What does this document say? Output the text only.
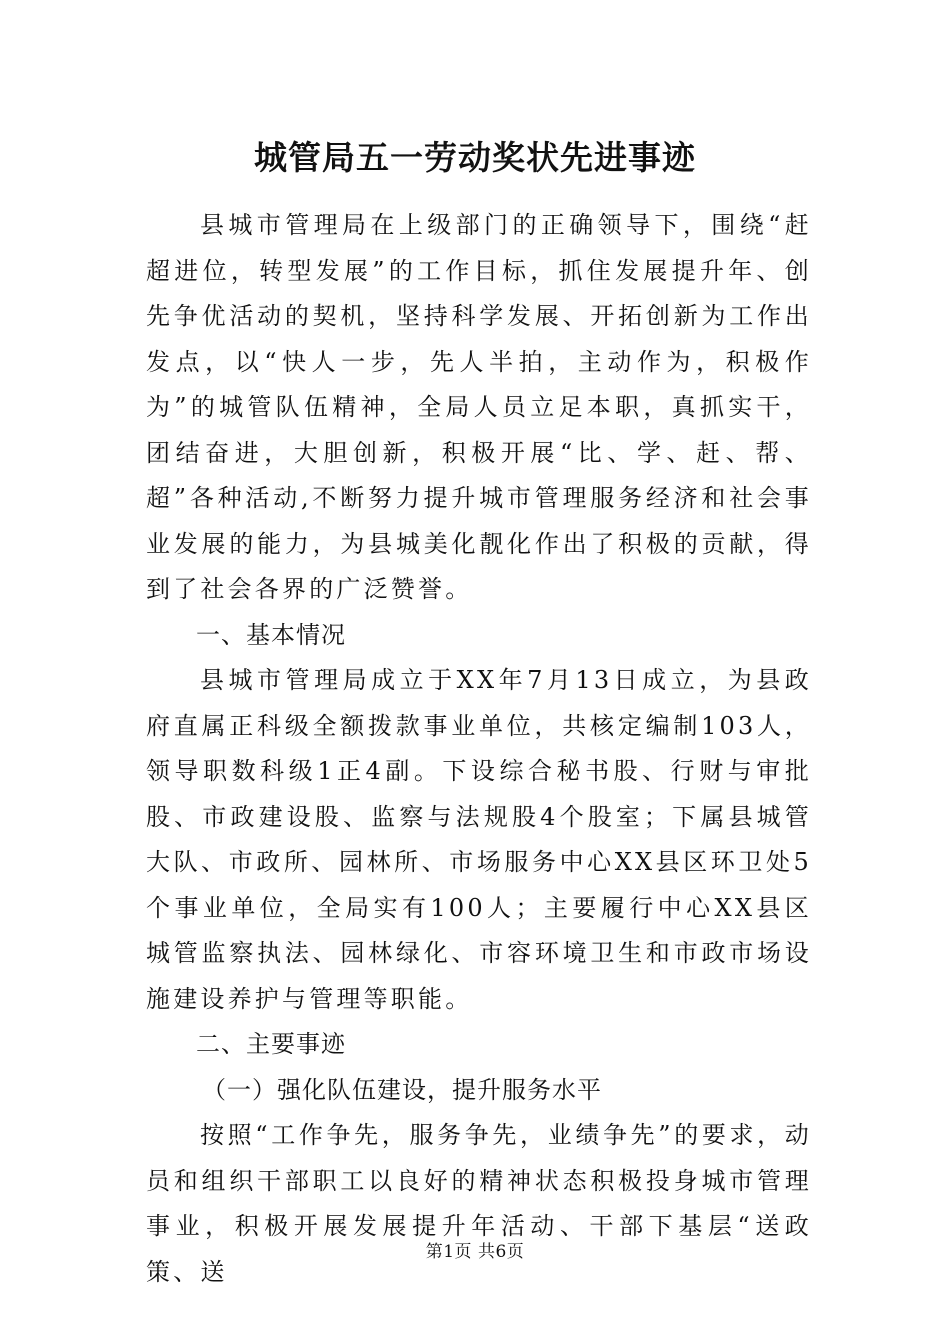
城管局五一劳动奖状先进事迹

县城市管理局在上级部门的正确领导下，围绕“赶超进位，转型发展”的工作目标，抓住发展提升年、创先争优活动的契机，坚持科学发展、开拓创新为工作出发点，以“快人一步，先人半拍，主动作为，积极作为”的城管队伍精神，全局人员立足本职，真抓实干，团结奋进，大胆创新，积极开展“比、学、赶、帮、超”各种活动,不断努力提升城市管理服务经济和社会事业发展的能力，为县城美化靓化作出了积极的贡献，得到了社会各界的广泛赞誉。

一、基本情况

县城市管理局成立于XX年7月13日成立，为县政府直属正科级全额拨款事业单位，共核定编制103人，领导职数科级1正4副。下设综合秘书股、行财与审批股、市政建设股、监察与法规股4个股室；下属县城管大队、市政所、园林所、市场服务中心XX县区环卫处5个事业单位，全局实有100人；主要履行中心XX县区城管监察执法、园林绿化、市容环境卫生和市政市场设施建设养护与管理等职能。

二、主要事迹

（一）强化队伍建设，提升服务水平

按照“工作争先，服务争先，业绩争先”的要求，动员和组织干部职工以良好的精神状态积极投身城市管理事业，积极开展发展提升年活动、干部下基层“送政策、送

第1页 共6页
